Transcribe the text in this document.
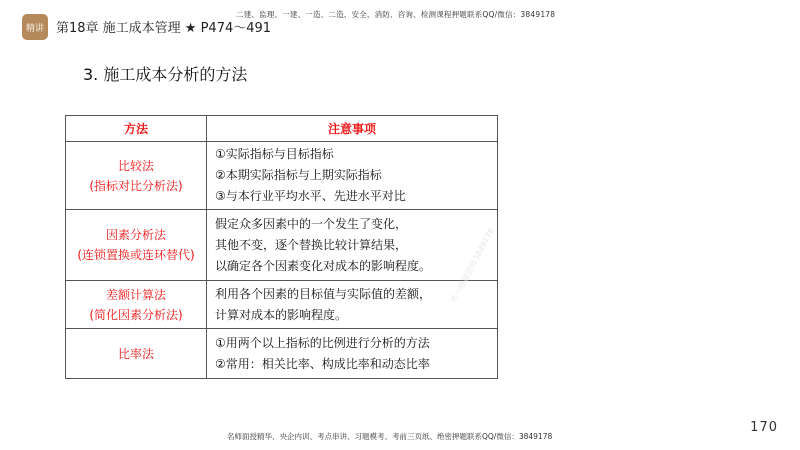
精讲 第18章 施工成本管理 ★ P474～491
二建、监理、一建、一造、二造、安全、消防、咨询、检测课程押题联系QQ/微信：3849178
3. 施工成本分析的方法
方法	注意事项

比较法
(指标对比分析法)	①实际指标与目标指标
②本期实际指标与上期实际指标
③与本行业平均水平、先进水平对比

因素分析法
(连锁置换或连环替代)	假定众多因素中的一个发生了变化，
其他不变，逐个替换比较计算结果，
以确定各个因素变化对成本的影响程度。

差额计算法
(简化因素分析法)	利用各个因素的目标值与实际值的差额，
计算对成本的影响程度。

比率法	①用两个以上指标的比例进行分析的方法
②常用：相关比率、构成比率和动态比率
考一级建造师3849178
170
名师面授精华、央企内训、考点串讲、习题模考、考前三页纸、绝密押题联系QQ/微信：3849178
